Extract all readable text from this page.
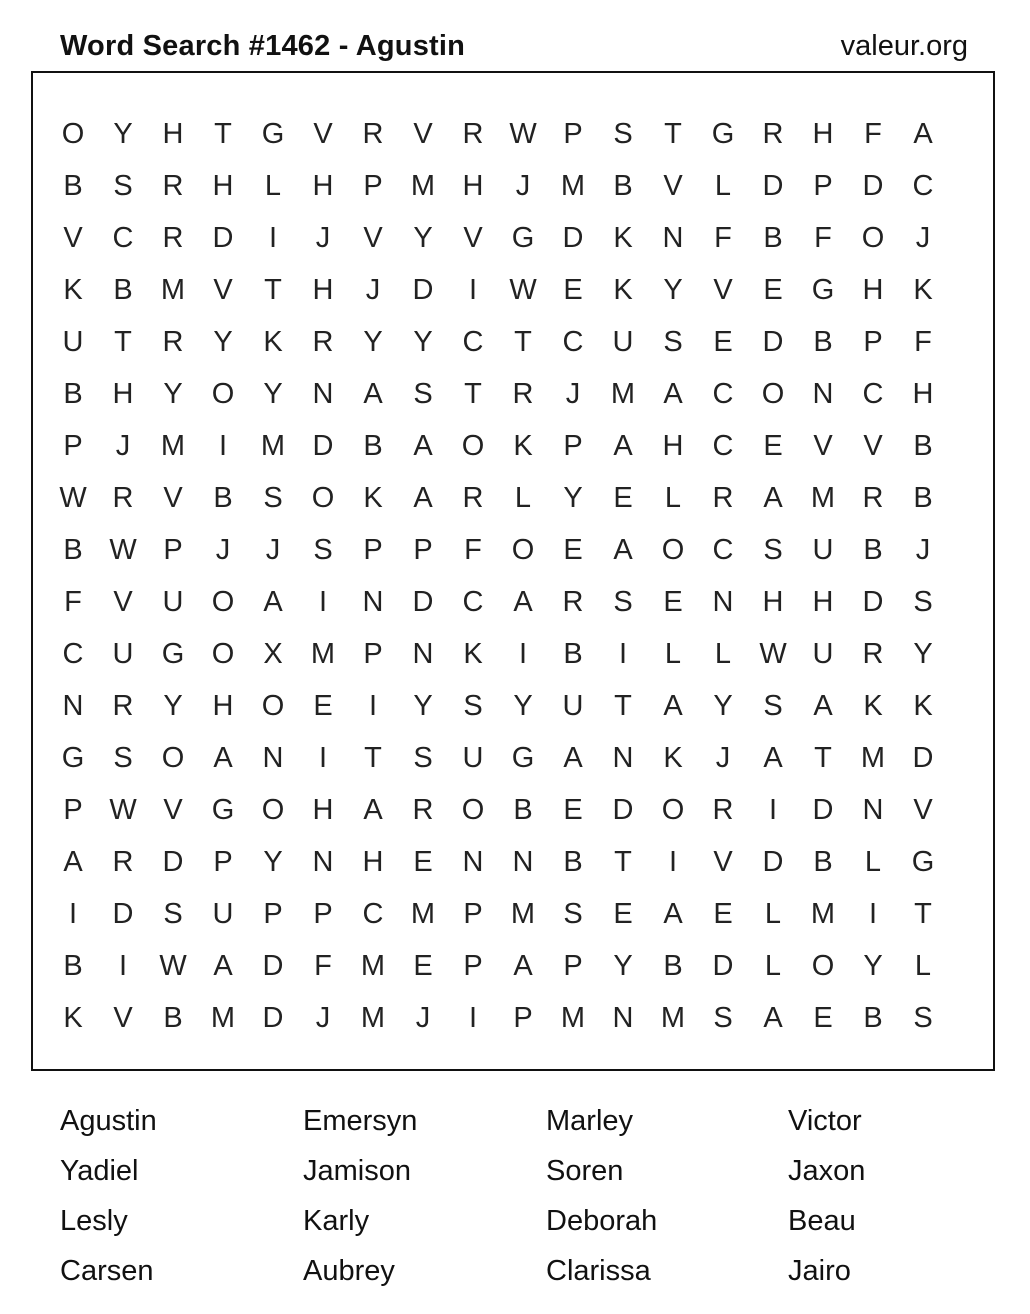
Word Search #1462 - Agustin	valeur.org
O	Y	H	T	G	V	R	V	R W P	S	T	G R	H	F	A
B	S	R	H	L	H	P M H	J	M B	V	L	D	P	D	C
V	C	R	D	I	J	V	Y	V	G D	K	N	F	B	F	O	J
K	B M V	T	H	J	D	I	W E	K	Y	V	E	G H	K
U	T	R	Y	K	R	Y	Y	C	T	C	U	S	E	D	B	P	F
B	H	Y	O	Y	N	A	S	T	R	J	M A	C O N	C	H
P	J	M	I	M D	B	A	O	K	P	A	H	C	E	V	V	B
W R	V	B	S	O	K	A	R	L	Y	E	L	R	A M R	B
B W P	J	J	S	P	P	F	O	E	A	O C	S	U	B	J
F	V	U O	A	I	N	D	C	A	R	S	E	N	H	H	D	S
C	U G O	X M P	N	K	I	B	I	L	L W U	R	Y
N	R	Y	H O	E	I	Y	S	Y	U	T	A	Y	S	A	K	K
G	S	O	A	N	I	T	S	U G	A	N	K	J	A	T	M D
P W V	G O H	A	R O	B	E	D O R	I	D	N	V
A	R	D	P	Y	N	H	E	N	N	B	T	I	V	D	B	L	G
I	D	S	U	P	P	C M P M S	E	A	E	L	M	I	T
B	I	W A	D	F	M E	P	A	P	Y	B	D	L	O	Y	L
K	V	B M D	J	M	J	I	P M N M S	A	E	B	S
Agustin	Emersyn	Marley	Victor
Yadiel	Jamison	Soren	Jaxon
Lesly	Karly	Deborah	Beau
Carsen	Aubrey	Clarissa	Jairo
